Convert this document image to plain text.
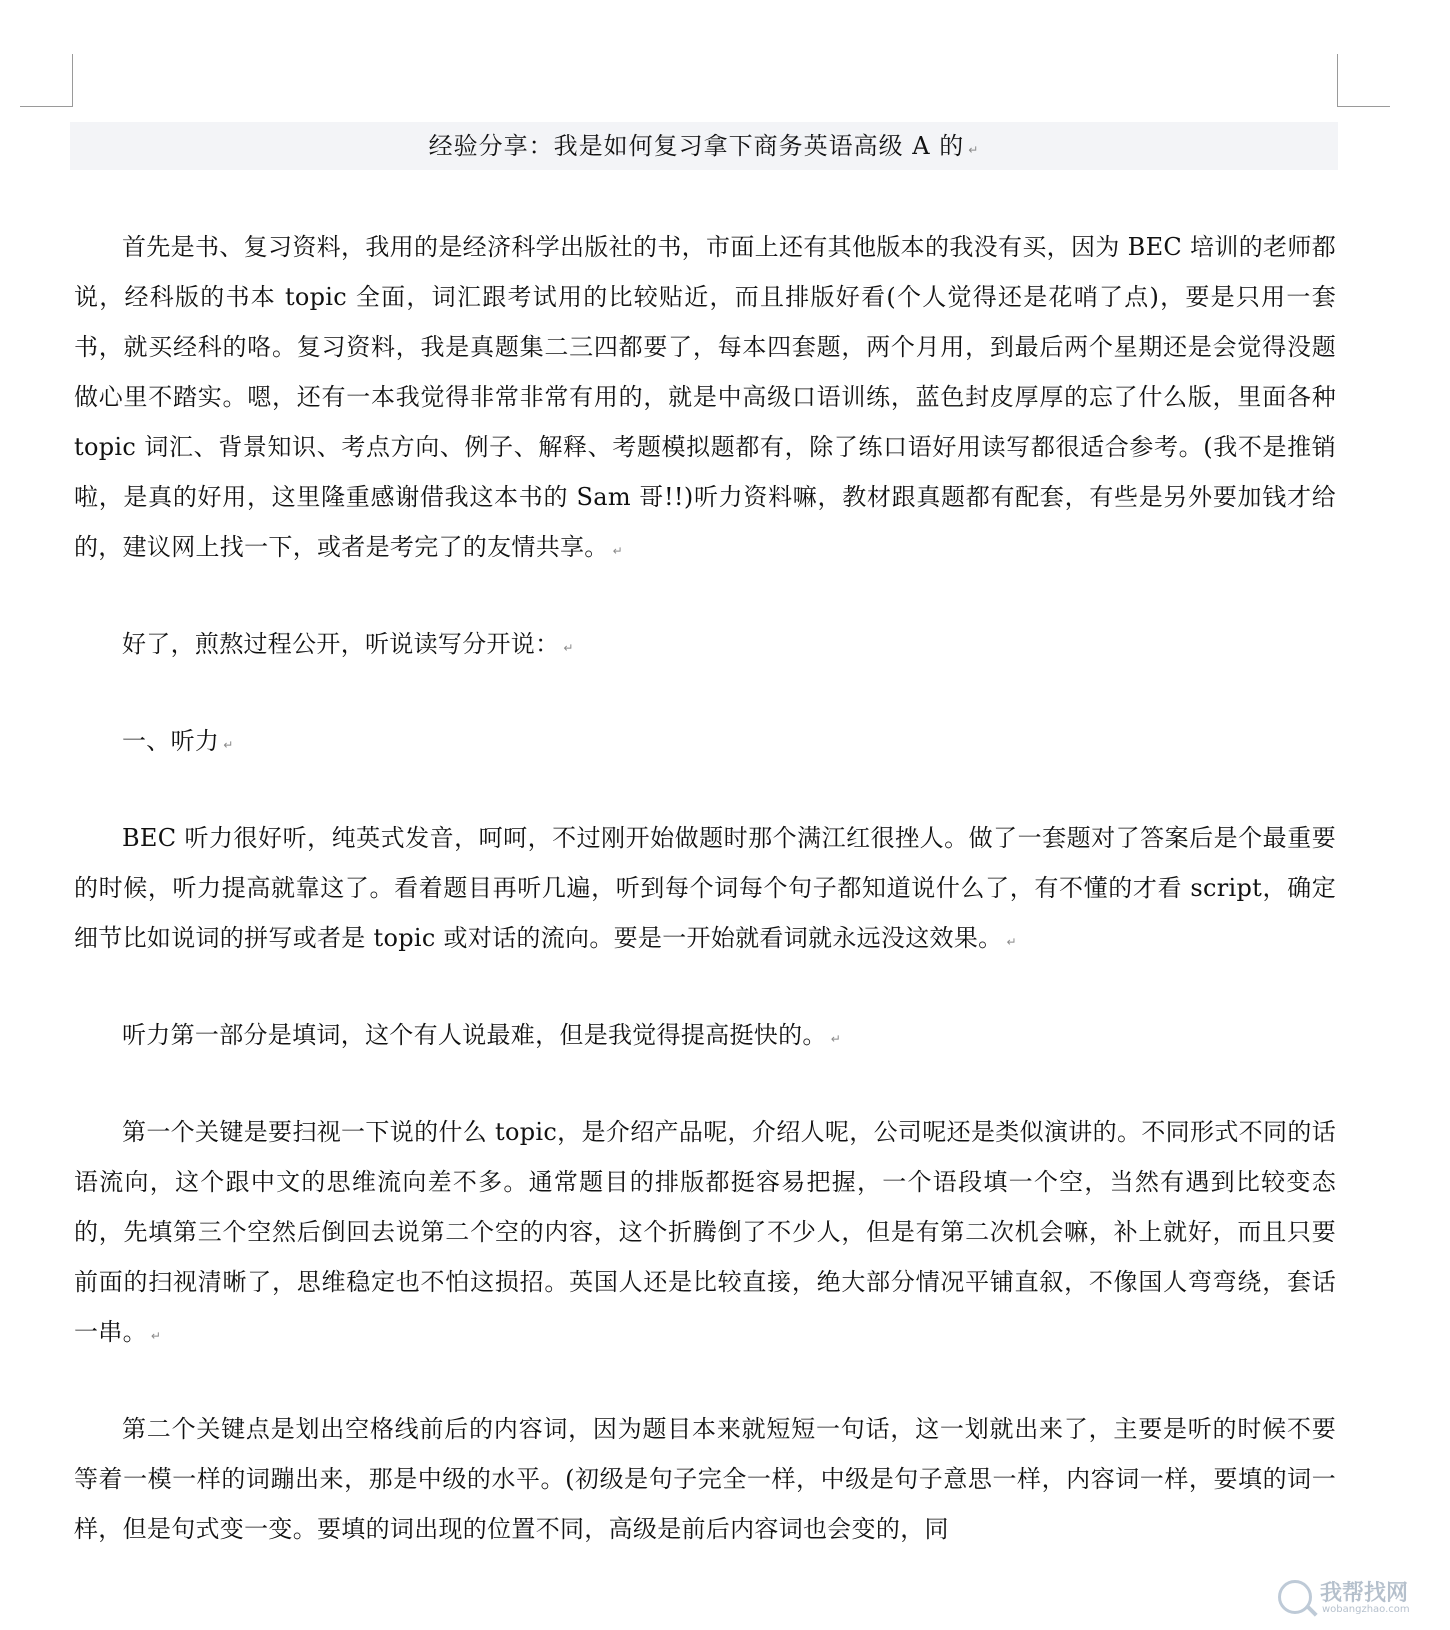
经验分享：我是如何复习拿下商务英语高级 A 的 ↵

首先是书、复习资料，我用的是经济科学出版社的书，市面上还有其他版本的我没有买，因为 BEC 培训的老师都说，经科版的书本 topic 全面，词汇跟考试用的比较贴近，而且排版好看(个人觉得还是花哨了点)，要是只用一套书，就买经科的咯。复习资料，我是真题集二三四都要了，每本四套题，两个月用，到最后两个星期还是会觉得没题做心里不踏实。嗯，还有一本我觉得非常非常有用的，就是中高级口语训练，蓝色封皮厚厚的忘了什么版，里面各种 topic 词汇、背景知识、考点方向、例子、解释、考题模拟题都有，除了练口语好用读写都很适合参考。(我不是推销啦，是真的好用，这里隆重感谢借我这本书的 Sam 哥!!)听力资料嘛，教材跟真题都有配套，有些是另外要加钱才给的，建议网上找一下，或者是考完了的友情共享。 ↵

好了，煎熬过程公开，听说读写分开说： ↵

一、听力 ↵

BEC 听力很好听，纯英式发音，呵呵，不过刚开始做题时那个满江红很挫人。做了一套题对了答案后是个最重要的时候，听力提高就靠这了。看着题目再听几遍，听到每个词每个句子都知道说什么了，有不懂的才看 script，确定细节比如说词的拼写或者是 topic 或对话的流向。要是一开始就看词就永远没这效果。 ↵

听力第一部分是填词，这个有人说最难，但是我觉得提高挺快的。 ↵

第一个关键是要扫视一下说的什么 topic，是介绍产品呢，介绍人呢，公司呢还是类似演讲的。不同形式不同的话语流向，这个跟中文的思维流向差不多。通常题目的排版都挺容易把握，一个语段填一个空，当然有遇到比较变态的，先填第三个空然后倒回去说第二个空的内容，这个折腾倒了不少人，但是有第二次机会嘛，补上就好，而且只要前面的扫视清晰了，思维稳定也不怕这损招。英国人还是比较直接，绝大部分情况平铺直叙，不像国人弯弯绕，套话一串。 ↵

第二个关键点是划出空格线前后的内容词，因为题目本来就短短一句话，这一划就出来了，主要是听的时候不要等着一模一样的词蹦出来，那是中级的水平。(初级是句子完全一样，中级是句子意思一样，内容词一样，要填的词一样，但是句式变一变。要填的词出现的位置不同，高级是前后内容词也会变的，同

我帮找网
wobangzhao.com
